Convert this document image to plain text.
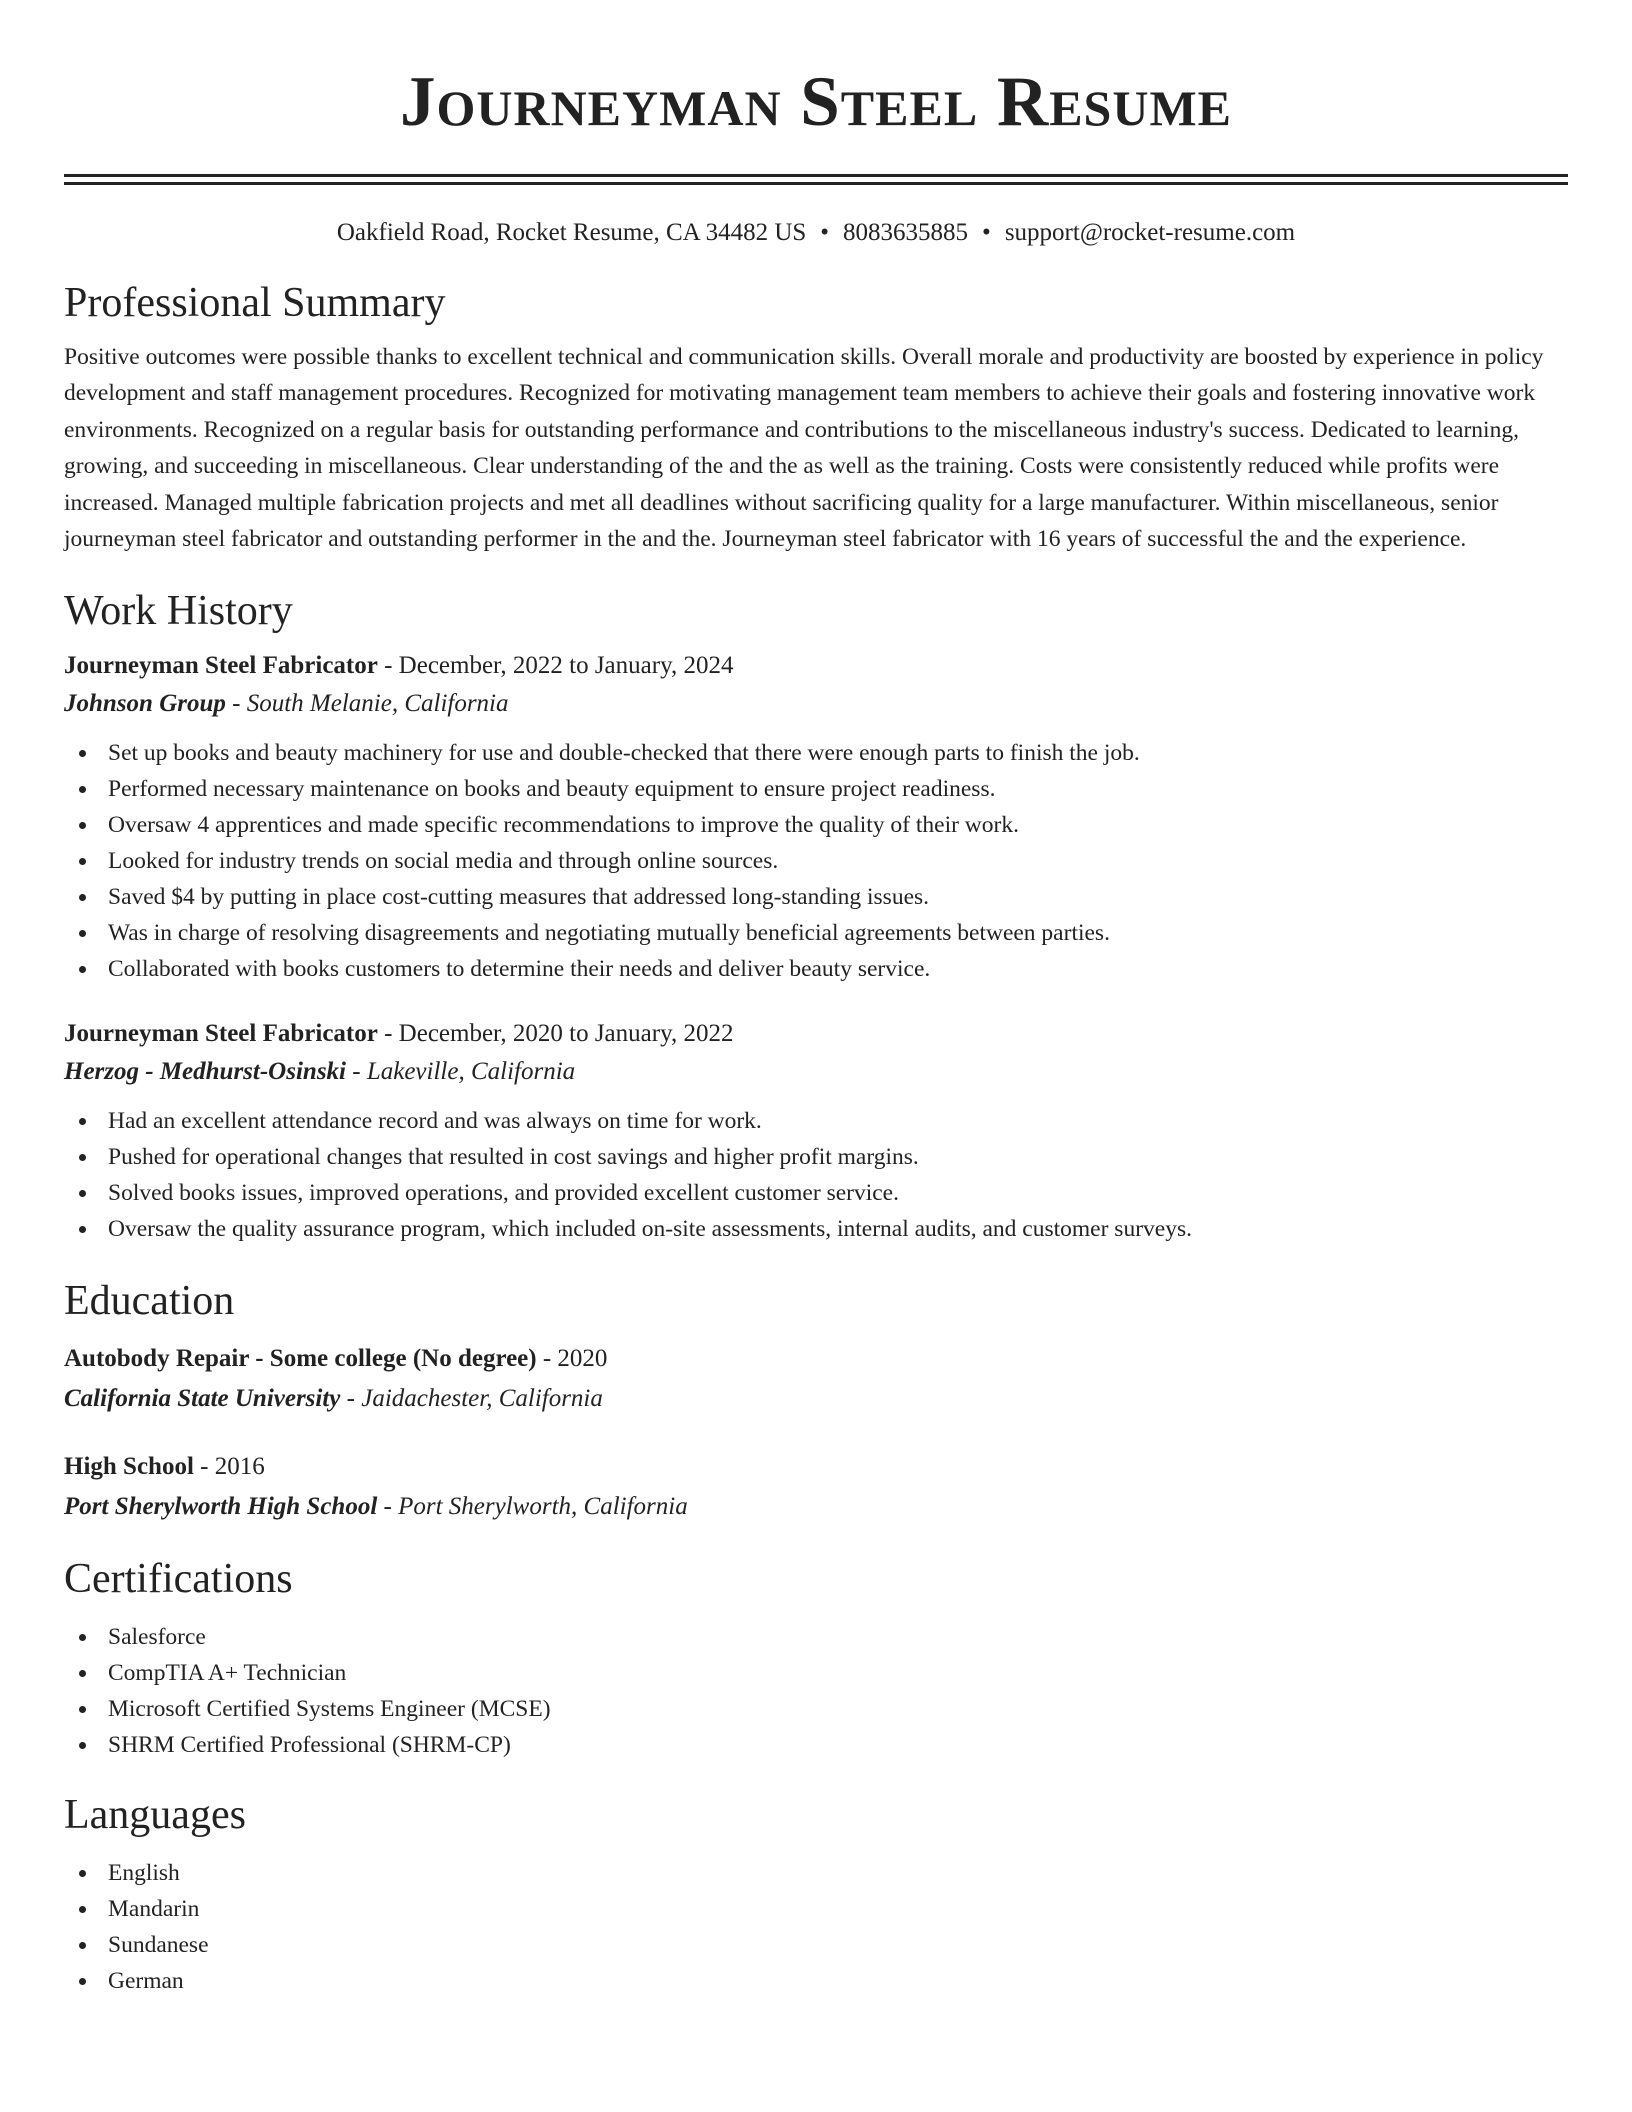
Journeyman Steel Resume
Oakfield Road, Rocket Resume, CA 34482 US • 8083635885 • support@rocket-resume.com
Professional Summary

Positive outcomes were possible thanks to excellent technical and communication skills. Overall morale and productivity are boosted by experience in policy development and staff management procedures. Recognized for motivating management team members to achieve their goals and fostering innovative work environments. Recognized on a regular basis for outstanding performance and contributions to the miscellaneous industry's success. Dedicated to learning, growing, and succeeding in miscellaneous. Clear understanding of the and the as well as the training. Costs were consistently reduced while profits were increased. Managed multiple fabrication projects and met all deadlines without sacrificing quality for a large manufacturer. Within miscellaneous, senior journeyman steel fabricator and outstanding performer in the and the. Journeyman steel fabricator with 16 years of successful the and the experience.

Work History
Journeyman Steel Fabricator - December, 2022 to January, 2024
Johnson Group - South Melanie, California
Set up books and beauty machinery for use and double-checked that there were enough parts to finish the job.
Performed necessary maintenance on books and beauty equipment to ensure project readiness.
Oversaw 4 apprentices and made specific recommendations to improve the quality of their work.
Looked for industry trends on social media and through online sources.
Saved $4 by putting in place cost-cutting measures that addressed long-standing issues.
Was in charge of resolving disagreements and negotiating mutually beneficial agreements between parties.
Collaborated with books customers to determine their needs and deliver beauty service.
Journeyman Steel Fabricator - December, 2020 to January, 2022
Herzog - Medhurst-Osinski - Lakeville, California
Had an excellent attendance record and was always on time for work.
Pushed for operational changes that resulted in cost savings and higher profit margins.
Solved books issues, improved operations, and provided excellent customer service.
Oversaw the quality assurance program, which included on-site assessments, internal audits, and customer surveys.
Education
Autobody Repair - Some college (No degree) - 2020
California State University - Jaidachester, California
High School - 2016
Port Sherylworth High School - Port Sherylworth, California
Certifications
Salesforce
CompTIA A+ Technician
Microsoft Certified Systems Engineer (MCSE)
SHRM Certified Professional (SHRM-CP)
Languages
English
Mandarin
Sundanese
German
